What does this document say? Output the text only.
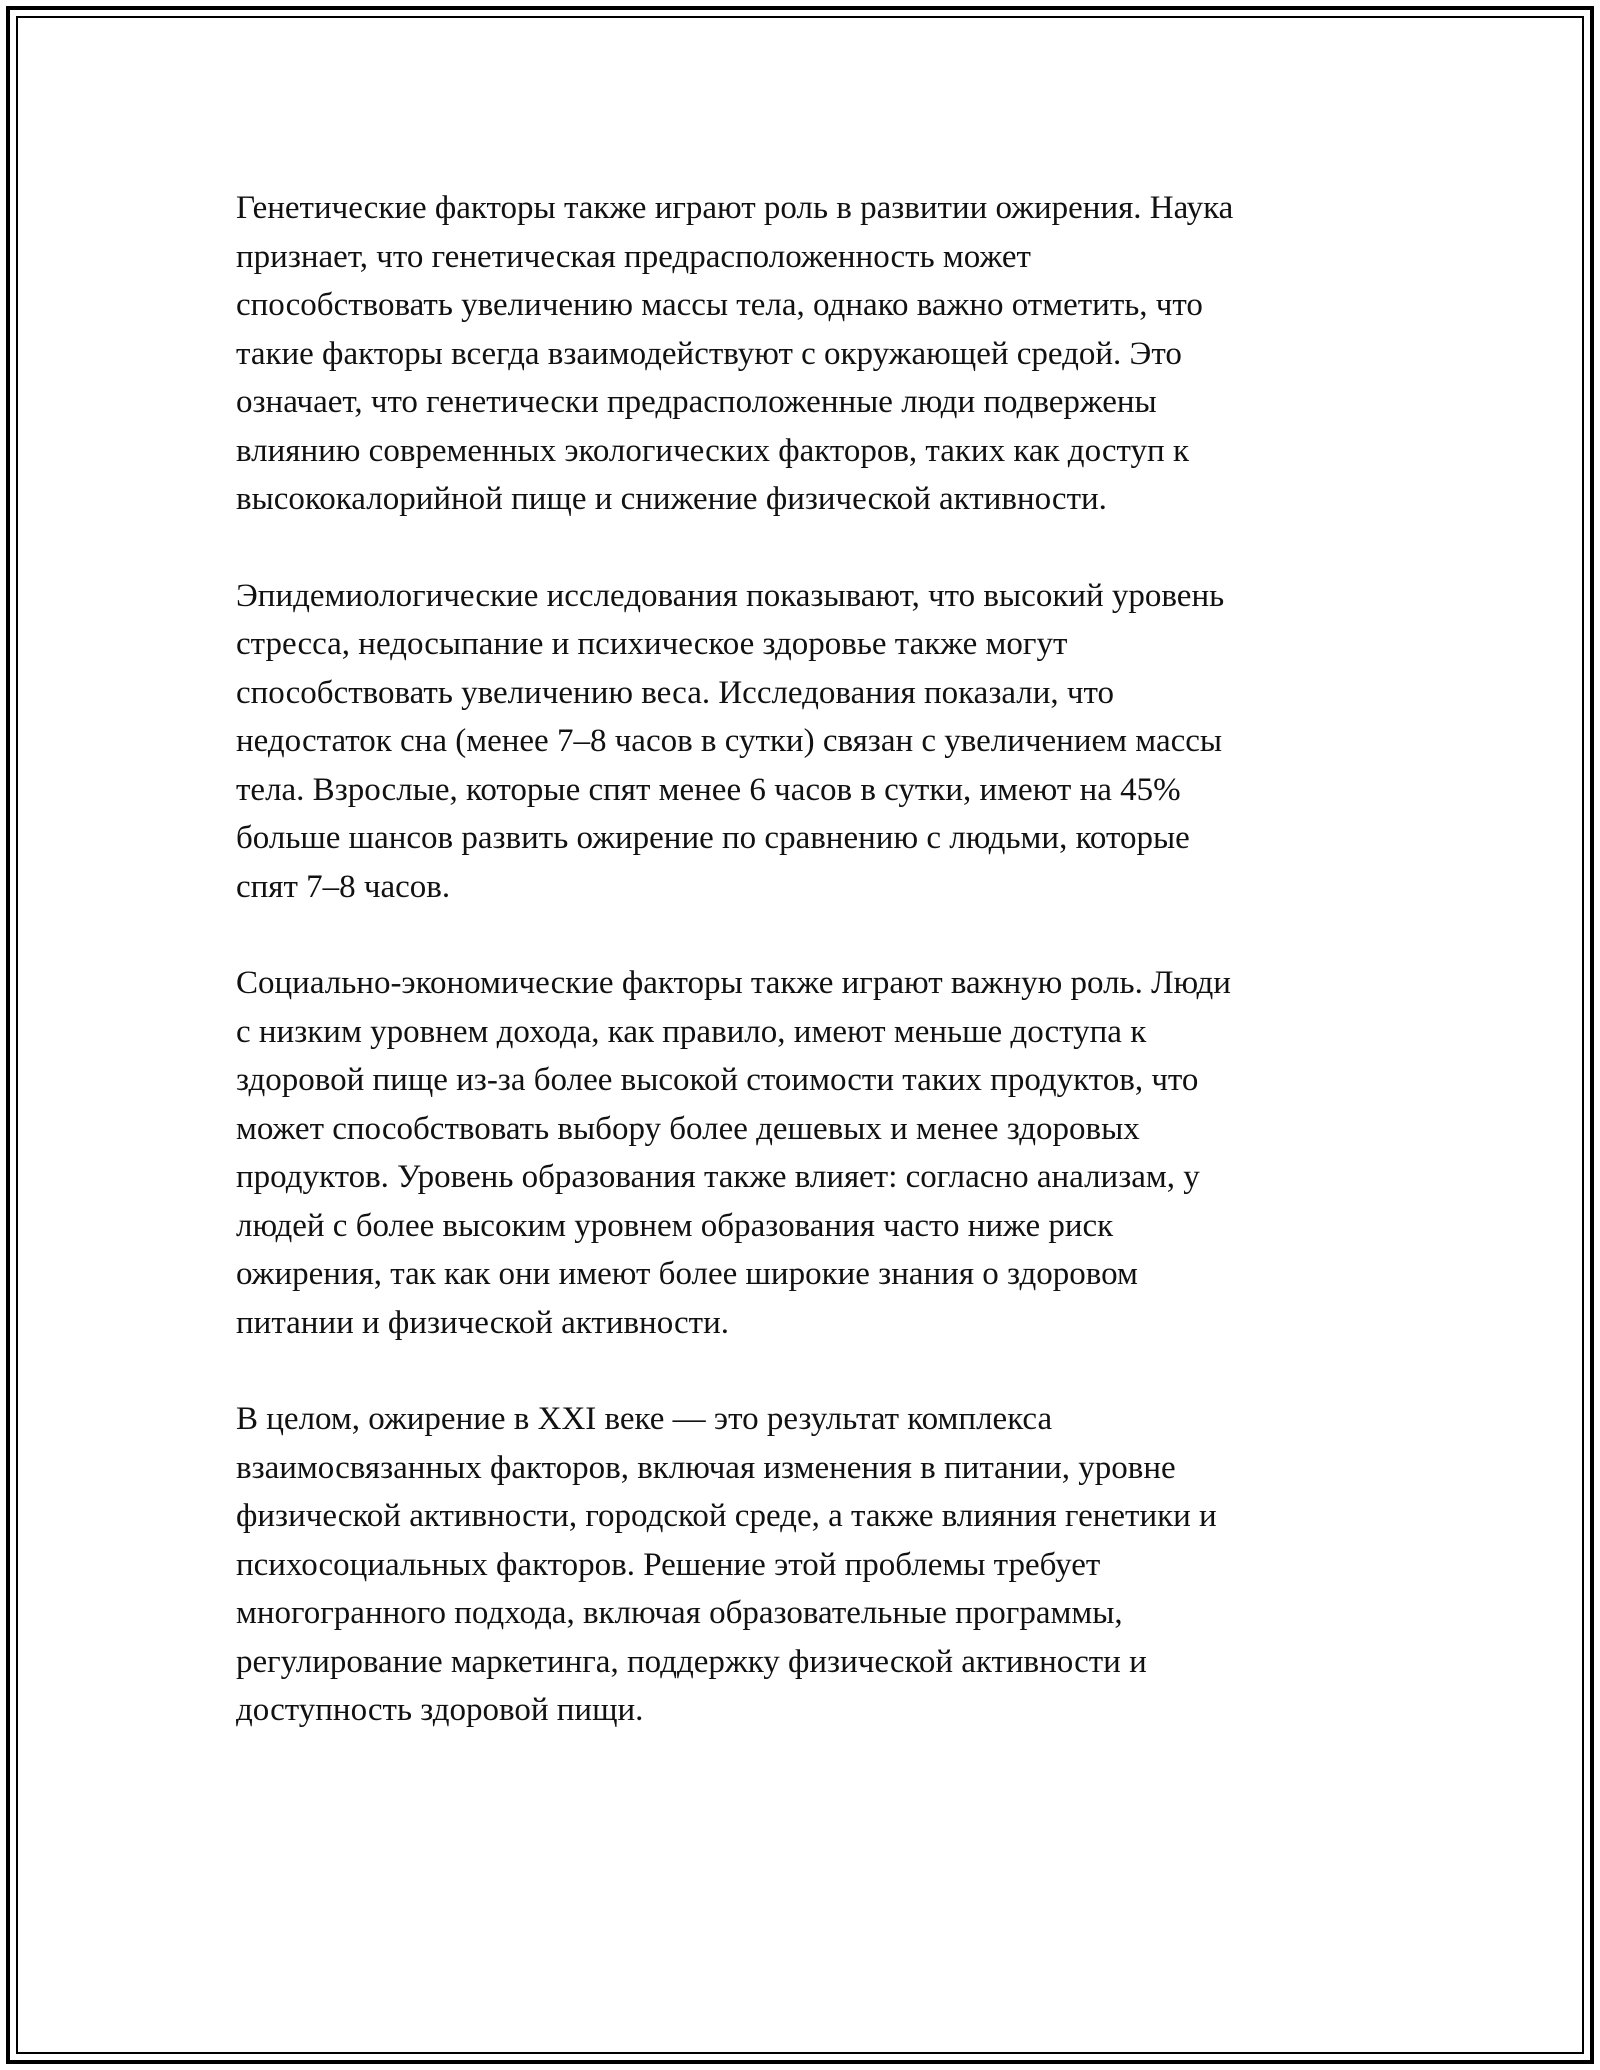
Генетические факторы также играют роль в развитии ожирения. Наука
признает, что генетическая предрасположенность может
способствовать увеличению массы тела, однако важно отметить, что
такие факторы всегда взаимодействуют с окружающей средой. Это
означает, что генетически предрасположенные люди подвержены
влиянию современных экологических факторов, таких как доступ к
высококалорийной пище и снижение физической активности.

Эпидемиологические исследования показывают, что высокий уровень
стресса, недосыпание и психическое здоровье также могут
способствовать увеличению веса. Исследования показали, что
недостаток сна (менее 7–8 часов в сутки) связан с увеличением массы
тела. Взрослые, которые спят менее 6 часов в сутки, имеют на 45%
больше шансов развить ожирение по сравнению с людьми, которые
спят 7–8 часов.

Социально-экономические факторы также играют важную роль. Люди
с низким уровнем дохода, как правило, имеют меньше доступа к
здоровой пище из-за более высокой стоимости таких продуктов, что
может способствовать выбору более дешевых и менее здоровых
продуктов. Уровень образования также влияет: согласно анализам, у
людей с более высоким уровнем образования часто ниже риск
ожирения, так как они имеют более широкие знания о здоровом
питании и физической активности.

В целом, ожирение в XXI веке — это результат комплекса
взаимосвязанных факторов, включая изменения в питании, уровне
физической активности, городской среде, а также влияния генетики и
психосоциальных факторов. Решение этой проблемы требует
многогранного подхода, включая образовательные программы,
регулирование маркетинга, поддержку физической активности и
доступность здоровой пищи.
